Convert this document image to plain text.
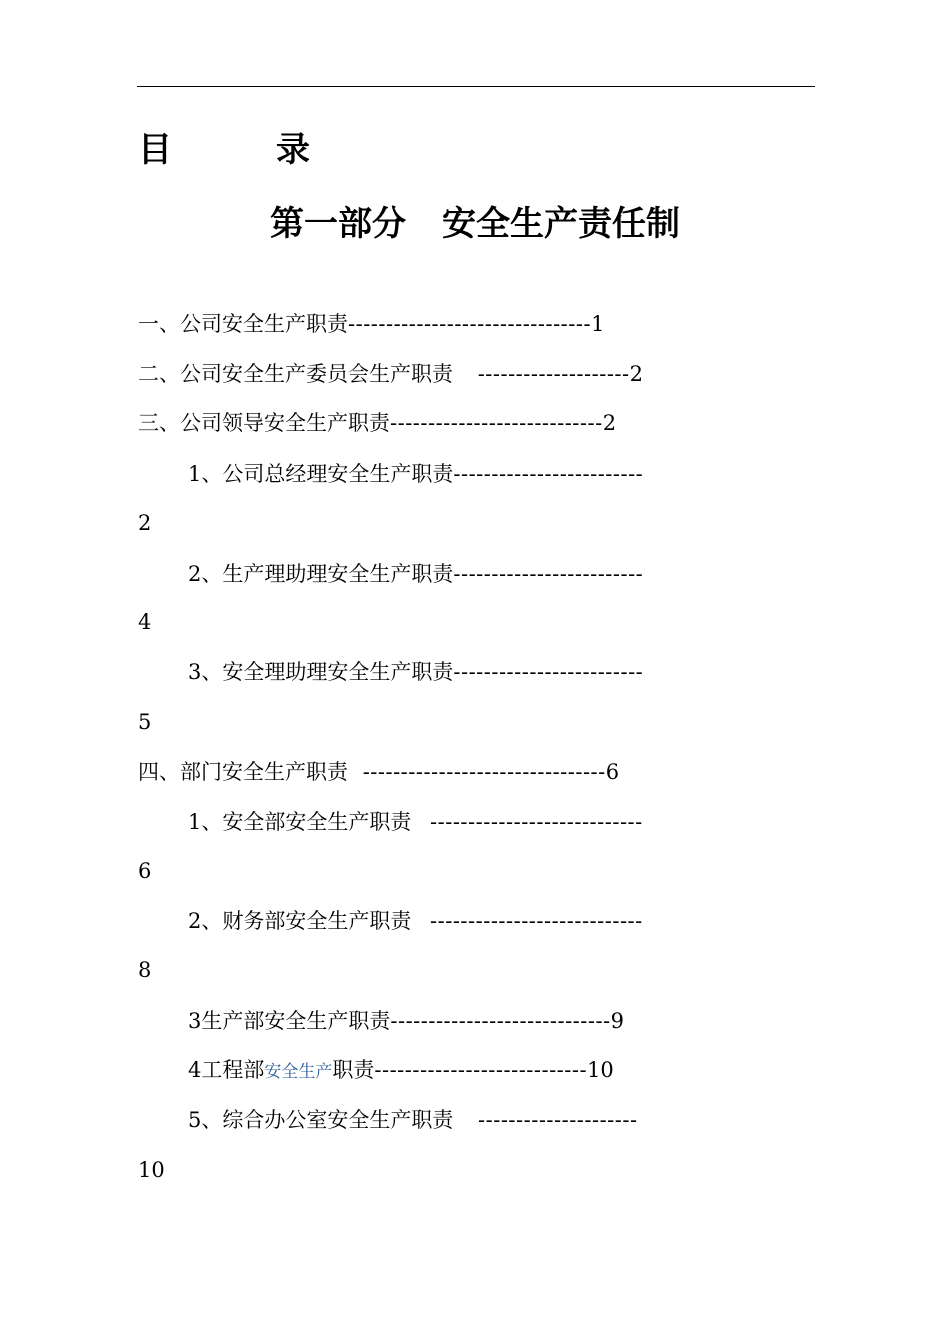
目	录
第一部分 安全生产责任制

一、公司安全生产职责--------------------------------1

二、公司安全生产委员会生产职责 --------------------2

三、公司领导安全生产职责----------------------------2

1、公司总经理安全生产职责-------------------------

2

2、生产理助理安全生产职责-------------------------

4

3、安全理助理安全生产职责-------------------------

5

四、部门安全生产职责 --------------------------------6

1、安全部安全生产职责 ----------------------------

6

2、财务部安全生产职责 ----------------------------

8

3生产部安全生产职责-----------------------------9

4工程部安全生产职责----------------------------10

5、综合办公室安全生产职责 ---------------------

10
